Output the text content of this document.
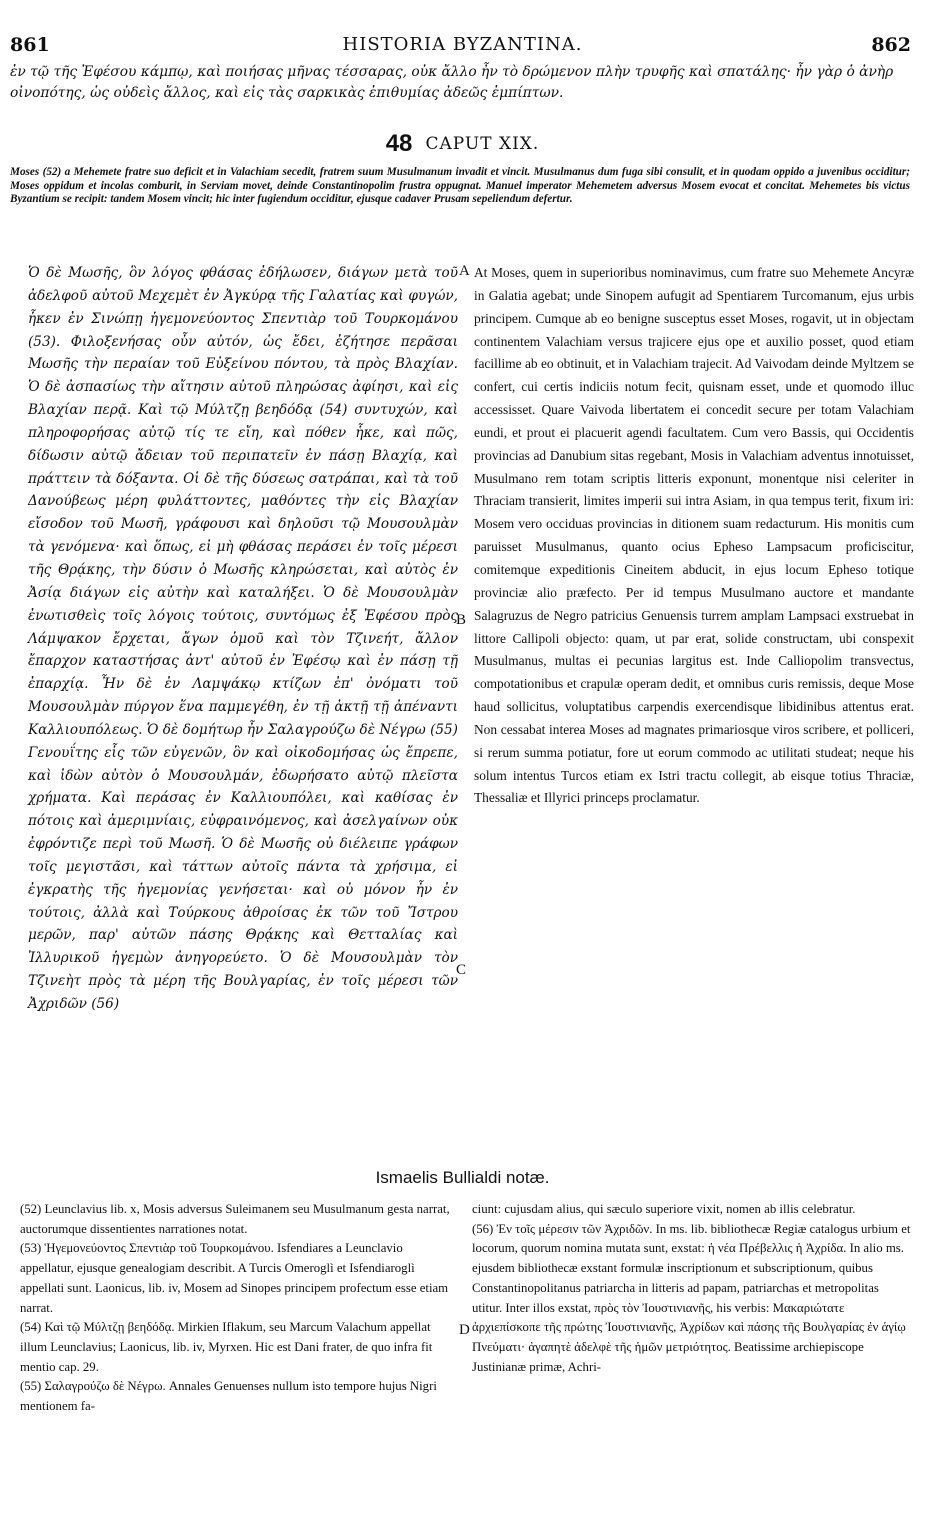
861	HISTORIA BYZANTINA.	862
ἐν τῷ τῆς Ἐφέσου κάμπῳ, καὶ ποιήσας μῆνας τέσσαρας, οὐκ ἄλλο ἦν τὸ δρώμενον πλὴν τρυφῆς καὶ σπατάλης· ἦν γὰρ ὁ ἀνὴρ οἰνοπότης, ὡς οὐδεὶς ἄλλος, καὶ εἰς τὰς σαρκικὰς ἐπιθυμίας ἀδεῶς ἐμπίπτων.
48 CAPUT XIX.
Moses (52) a Mehemete fratre suo deficit et in Valachiam secedit, fratrem suum Musulmanum invadit et vincit. Musulmanus dum fuga sibi consulit, et in quodam oppido a juvenibus occiditur; Moses oppidum et incolas comburit, in Serviam movet, deinde Constantinopolim frustra oppugnat. Manuel imperator Mehemetem adversus Mosem evocat et concitat. Mehemetes bis victus Byzantium se recipit: tandem Mosem vincit; hic inter fugiendum occiditur, ejusque cadaver Prusam sepeliendum defertur.
Ὁ δὲ Μωσῆς, ὃν λόγος φθάσας ἐδήλωσεν, διάγων μετὰ τοῦ ἀδελφοῦ αὐτοῦ Μεχεμὲτ ἐν Ἀγκύρᾳ τῆς Γαλατίας καὶ φυγών, ἧκεν ἐν Σινώπῃ ἡγεμονεύοντος Σπεντιὰρ τοῦ Τουρκομάνου (53). Φιλοξενήσας οὖν αὐτόν, ὡς ἔδει, ἐζήτησε περᾶσαι Μωσῆς τὴν περαίαν τοῦ Εὐξείνου πόντου, τὰ πρὸς Βλαχίαν. Ὁ δὲ ἀσπασίως τὴν αἴτησιν αὐτοῦ πληρώσας ἀφίησι, καὶ εἰς Βλαχίαν περᾷ. Καὶ τῷ Μύλτζῃ βεηδόδᾳ (54) συντυχών, καὶ πληροφορήσας αὐτῷ τίς τε εἴη, καὶ πόθεν ἧκε, καὶ πῶς, δίδωσιν αὐτῷ ἄδειαν τοῦ περιπατεῖν ἐν πάσῃ Βλαχίᾳ, καὶ πράττειν τὰ δόξαντα. Οἱ δὲ τῆς δύσεως σατράπαι, καὶ τὰ τοῦ Δανούβεως μέρη φυλάττοντες, μαθόντες τὴν εἰς Βλαχίαν εἴσοδον τοῦ Μωσῆ, γράφουσι καὶ δηλοῦσι τῷ Μουσουλμὰν τὰ γενόμενα· καὶ ὅπως, εἰ μὴ φθάσας περάσει ἐν τοῖς μέρεσι τῆς Θρᾴκης, τὴν δύσιν ὁ Μωσῆς κληρώσεται, καὶ αὐτὸς ἐν Ἀσίᾳ διάγων εἰς αὐτὴν καὶ καταλήξει. Ὁ δὲ Μουσουλμὰν ἐνωτισθεὶς τοῖς λόγοις τούτοις, συντόμως ἐξ Ἐφέσου πρὸς Λάμψακον ἔρχεται, ἄγων ὁμοῦ καὶ τὸν Τζινεήτ, ἄλλον ἔπαρχον καταστήσας ἀντ' αὐτοῦ ἐν Ἐφέσῳ καὶ ἐν πάσῃ τῇ ἐπαρχίᾳ. Ἦν δὲ ἐν Λαμψάκῳ κτίζων ἐπ' ὀνόματι τοῦ Μουσουλμὰν πύργον ἕνα παμμεγέθη, ἐν τῇ ἀκτῇ τῇ ἀπέναντι Καλλιουπόλεως. Ὁ δὲ δομήτωρ ἦν Σαλαγρούζω δὲ Νέγρω (55) Γενουΐτης εἷς τῶν εὐγενῶν, ὃν καὶ οἰκοδομήσας ὡς ἔπρεπε, καὶ ἰδὼν αὐτὸν ὁ Μουσουλμάν, ἐδωρήσατο αὐτῷ πλεῖστα χρήματα. Καὶ περάσας ἐν Καλλιουπόλει, καὶ καθίσας ἐν πότοις καὶ ἀμεριμνίαις, εὐφραινόμενος, καὶ ἀσελγαίνων οὐκ ἐφρόντιζε περὶ τοῦ Μωσῆ. Ὁ δὲ Μωσῆς οὐ διέλειπε γράφων τοῖς μεγιστᾶσι, καὶ τάττων αὐτοῖς πάντα τὰ χρήσιμα, εἰ ἐγκρατὴς τῆς ἡγεμονίας γενήσεται· καὶ οὐ μόνον ἦν ἐν τούτοις, ἀλλὰ καὶ Τούρκους ἀθροίσας ἐκ τῶν τοῦ Ἴστρου μερῶν, παρ' αὐτῶν πάσης Θρᾴκης καὶ Θετταλίας καὶ Ἰλλυρικοῦ ἡγεμὼν ἀνηγορεύετο. Ὁ δὲ Μουσουλμὰν τὸν Τζινεὴτ πρὸς τὰ μέρη τῆς Βουλγαρίας, ἐν τοῖς μέρεσι τῶν Ἀχριδῶν (56)
At Moses, quem in superioribus nominavimus, cum fratre suo Mehemete Ancyræ in Galatia agebat; unde Sinopem aufugit ad Spentiarem Turcomanum, ejus urbis principem. Cumque ab eo benigne susceptus esset Moses, rogavit, ut in objectam continentem Valachiam versus trajicere ejus ope et auxilio posset, quod etiam facillime ab eo obtinuit, et in Valachiam trajecit. Ad Vaivodam deinde Myltzem se confert, cui certis indiciis notum fecit, quisnam esset, unde et quomodo illuc accessisset. Quare Vaivoda libertatem ei concedit secure per totam Valachiam eundi, et prout ei placuerit agendi facultatem. Cum vero Bassis, qui Occidentis provincias ad Danubium sitas regebant, Mosis in Valachiam adventus innotuisset, Musulmano rem totam scriptis litteris exponunt, monentque nisi celeriter in Thraciam transierit, limites imperii sui intra Asiam, in qua tempus terit, fixum iri: Mosem vero occiduas provincias in ditionem suam redacturum. His monitis cum paruisset Musulmanus, quanto ocius Epheso Lampsacum proficiscitur, comitemque expeditionis Cineitem abducit, in ejus locum Epheso totique provinciæ alio præfecto. Per id tempus Musulmano auctore et mandante Salagruzus de Negro patricius Genuensis turrem amplam Lampsaci exstruebat in littore Callipoli objecto: quam, ut par erat, solide constructam, ubi conspexit Musulmanus, multas ei pecunias largitus est. Inde Calliopolim transvectus, compotationibus et crapulæ operam dedit, et omnibus curis remissis, deque Mose haud sollicitus, voluptatibus carpendis exercendisque libidinibus attentus erat. Non cessabat interea Moses ad magnates primariosque viros scribere, et polliceri, si rerum summa potiatur, fore ut eorum commodo ac utilitati studeat; neque his solum intentus Turcos etiam ex Istri tractu collegit, ab eisque totius Thraciæ, Thessaliæ et Illyrici princeps proclamatur.
A
B
C
D
Ismaelis Bullialdi notæ.

(52) Leunclavius lib. x, Mosis adversus Suleimanem seu Musulmanum gesta narrat, auctorumque dissentientes narrationes notat.

(53) Ἡγεμονεύοντος Σπεντιὰρ τοῦ Τουρκομάνου. Isfendiares a Leunclavio appellatur, ejusque genealogiam describit. A Turcis Omeroglì et Isfendiaroglì appellati sunt. Laonicus, lib. iv, Mosem ad Sinopes principem profectum esse etiam narrat.

(54) Καὶ τῷ Μύλτζῃ βεηδόδᾳ. Mirkien Iflakum, seu Marcum Valachum appellat illum Leunclavius; Laonicus, lib. iv, Myrxen. Hic est Dani frater, de quo infra fit mentio cap. 29.

(55) Σαλαγρούζω δὲ Νέγρω. Annales Genuenses nullum isto tempore hujus Nigri mentionem fa-

ciunt: cujusdam alius, qui sæculo superiore vixit, nomen ab illis celebratur.

(56) Ἐν τοῖς μέρεσιν τῶν Ἀχριδῶν. In ms. lib. bibliothecæ Regiæ catalogus urbium et locorum, quorum nomina mutata sunt, exstat: ἡ νέα Πρέβελλις ἡ Ἀχρίδα. In alio ms. ejusdem bibliothecæ exstant formulæ inscriptionum et subscriptionum, quibus Constantinopolitanus patriarcha in litteris ad papam, patriarchas et metropolitas utitur. Inter illos exstat, πρὸς τὸν Ἰουστινιανῆς, his verbis: Μακαριώτατε ἀρχιεπίσκοπε τῆς πρώτης Ἰουστινιανῆς, Ἀχρίδων καὶ πάσης τῆς Βουλγαρίας ἐν ἁγίῳ Πνεύματι· ἀγαπητὲ ἀδελφὲ τῆς ἡμῶν μετριότητος. Beatissime archiepiscope Justinianæ primæ, Achri-
